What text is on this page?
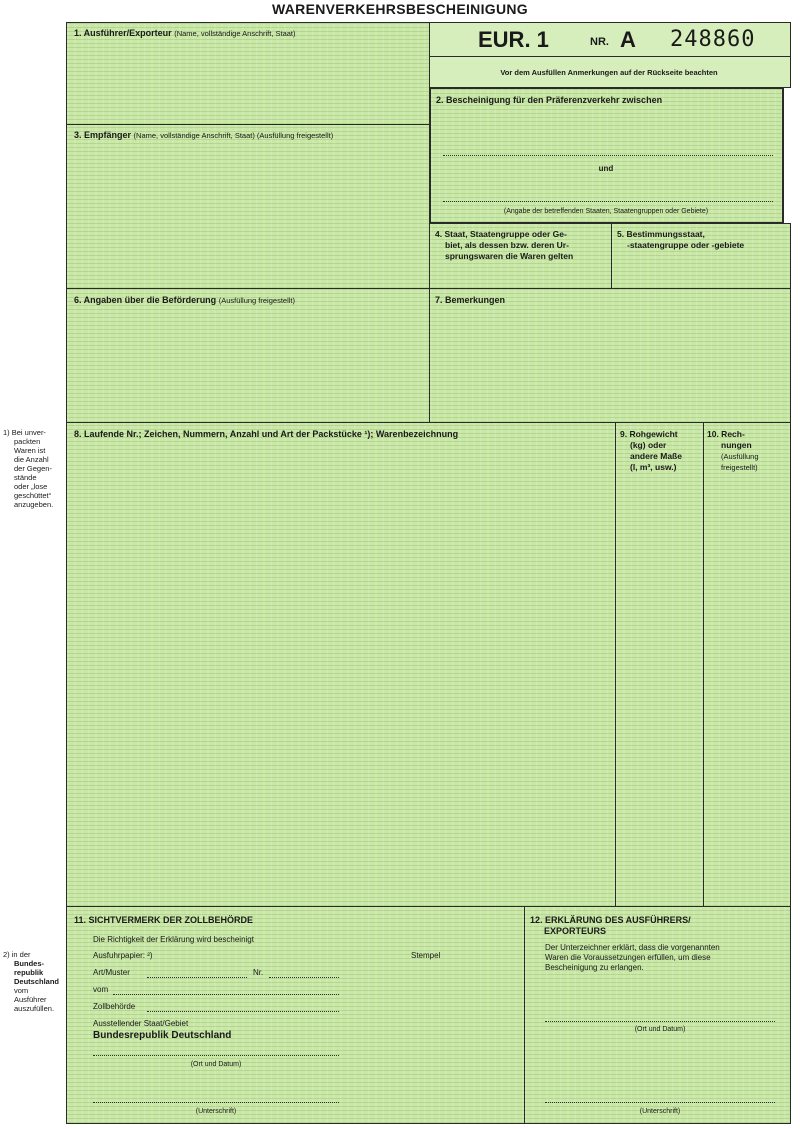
WARENVERKEHRSBESCHEINIGUNG
1. Ausführer/Exporteur (Name, vollständige Anschrift, Staat)	EUR. 1	NR. A 248860
Vor dem Ausfüllen Anmerkungen auf der Rückseite beachten
2. Bescheinigung für den Präferenzverkehr zwischen
und
(Angabe der betreffenden Staaten, Staatengruppen oder Gebiete)
3. Empfänger (Name, vollständige Anschrift, Staat) (Ausfüllung freigestellt)
4. Staat, Staatengruppe oder Ge-
biet, als dessen bzw. deren Ur-
sprungswaren die Waren gelten
5. Bestimmungsstaat,
-staatengruppe oder -gebiete
6. Angaben über die Beförderung (Ausfüllung freigestellt)	7. Bemerkungen
8. Laufende Nr.; Zeichen, Nummern, Anzahl und Art der Packstücke ¹); Warenbezeichnung	9. Rohgewicht
(kg) oder
andere Maße
(l, m³, usw.)
10. Rech-
nungen
(Ausfüllung
freigestellt)
11. SICHTVERMERK DER ZOLLBEHÖRDE
Die Richtigkeit der Erklärung wird bescheinigt
Ausfuhrpapier: ²)	Stempel
Art/Muster	Nr.
vom
Zollbehörde
Ausstellender Staat/Gebiet
Bundesrepublik Deutschland
(Ort und Datum)
(Unterschrift)
12. ERKLÄRUNG DES AUSFÜHRERS/
EXPORTEURS
Der Unterzeichner erklärt, dass die vorgenannten
Waren die Voraussetzungen erfüllen, um diese
Bescheinigung zu erlangen.
(Ort und Datum)
(Unterschrift)
1) Bei unver-
packten
Waren ist
die Anzahl
der Gegen-
stände
oder „lose
geschüttet“
anzugeben.
2) in der
Bundes-
republik
Deutschland
vom
Ausführer
auszufüllen.
